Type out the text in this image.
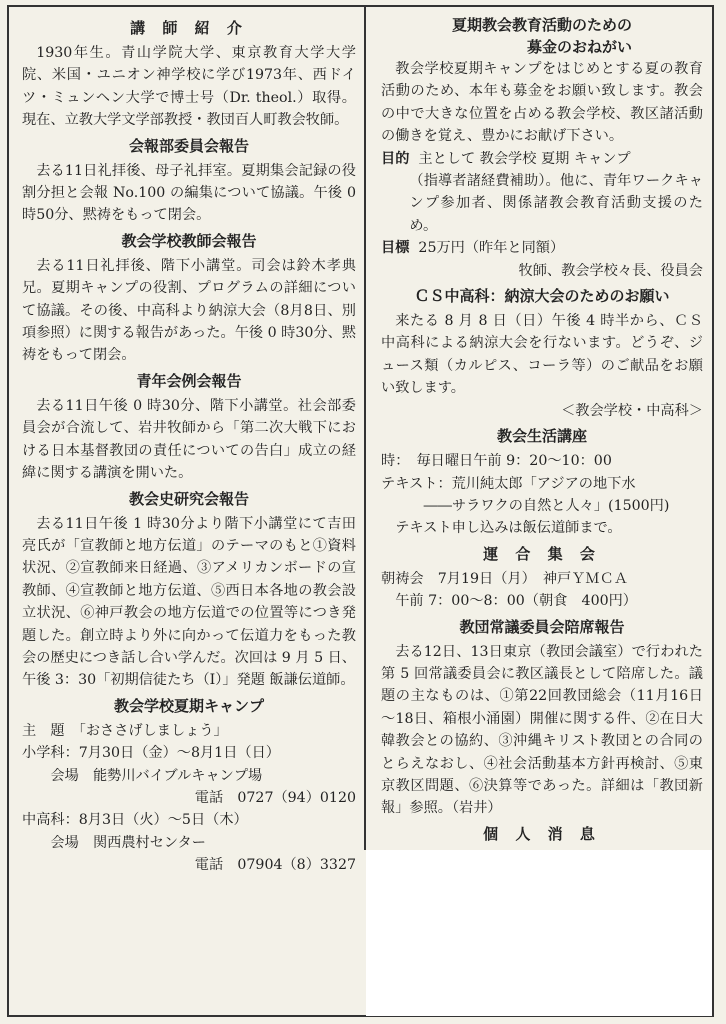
講 師 紹 介

1930年生。青山学院大学、東京教育大学大学院、米国・ユニオン神学校に学び1973年、西ドイツ・ミュンヘン大学で博士号（Dr. theol.）取得。現在、立教大学文学部教授・教団百人町教会牧師。

会報部委員会報告

去る11日礼拝後、母子礼拝室。夏期集会記録の役割分担と会報 No.100 の編集について協議。午後 0 時50分、黙祷をもって閉会。

教会学校教師会報告

去る11日礼拝後、階下小講堂。司会は鈴木孝典兄。夏期キャンプの役割、プログラムの詳細について協議。その後、中高科より納涼大会（8月8日、別項参照）に関する報告があった。午後 0 時30分、黙祷をもって閉会。

青年会例会報告

去る11日午後 0 時30分、階下小講堂。社会部委員会が合流して、岩井牧師から「第二次大戦下における日本基督教団の責任についての告白」成立の経緯に関する講演を開いた。

教会史研究会報告

去る11日午後 1 時30分より階下小講堂にて吉田亮氏が「宣教師と地方伝道」のテーマのもと①資料状況、②宣教師来日経過、③アメリカンボードの宣教師、④宣教師と地方伝道、⑤西日本各地の教会設立状況、⑥神戸教会の地方伝道での位置等につき発題した。創立時より外に向かって伝道力をもった教会の歴史につき話し合い学んだ。次回は 9 月 5 日、午後 3：30「初期信徒たち（Ⅰ）」発題 飯謙伝道師。

教会学校夏期キャンプ

主　題　「おささげしましょう」

小学科：7月30日（金）～8月1日（日）

会場　能勢川バイブルキャンプ場

電話　0727（94）0120

中高科：8月3日（火）～5日（木）

会場　関西農村センター

電話　07904（8）3327

夏期教会教育活動のための

募金のおねがい

教会学校夏期キャンプをはじめとする夏の教育活動のため、本年も募金をお願い致します。教会の中で大きな位置を占める教会学校、教区諸活動の働きを覚え、豊かにお献げ下さい。

目的 主として 教会学校 夏期 キャンプ

（指導者諸経費補助）。他に、青年ワークキャンプ参加者、関係諸教会教育活動支援のため。

目標 25万円（昨年と同額）

牧師、教会学校々長、役員会

ＣＳ中高科：納涼大会のためのお願い

来たる 8 月 8 日（日）午後 4 時半から、ＣＳ中高科による納涼大会を行ないます。どうぞ、ジュース類（カルピス、コーラ等）のご献品をお願い致します。

＜教会学校・中高科＞

教会生活講座

時：　毎日曜日午前 9：20～10：00

テキスト：荒川純太郎「アジアの地下水

――サラワクの自然と人々」(1500円)

テキスト申し込みは飯伝道師まで。

運 合 集 会

朝祷会　7月19日（月）　神戸ＹＭＣＡ

午前 7：00～8：00（朝食　400円）

教団常議委員会陪席報告

去る12日、13日東京（教団会議室）で行われた第 5 回常議委員会に教区議長として陪席した。議題の主なものは、①第22回教団総会（11月16日～18日、箱根小涌園）開催に関する件、②在日大韓教会との協約、③沖縄キリスト教団との合同のとらえなおし、④社会活動基本方針再検討、⑤東京教区問題、⑥決算等であった。詳細は「教団新報」参照。（岩井）

個 人 消 息
